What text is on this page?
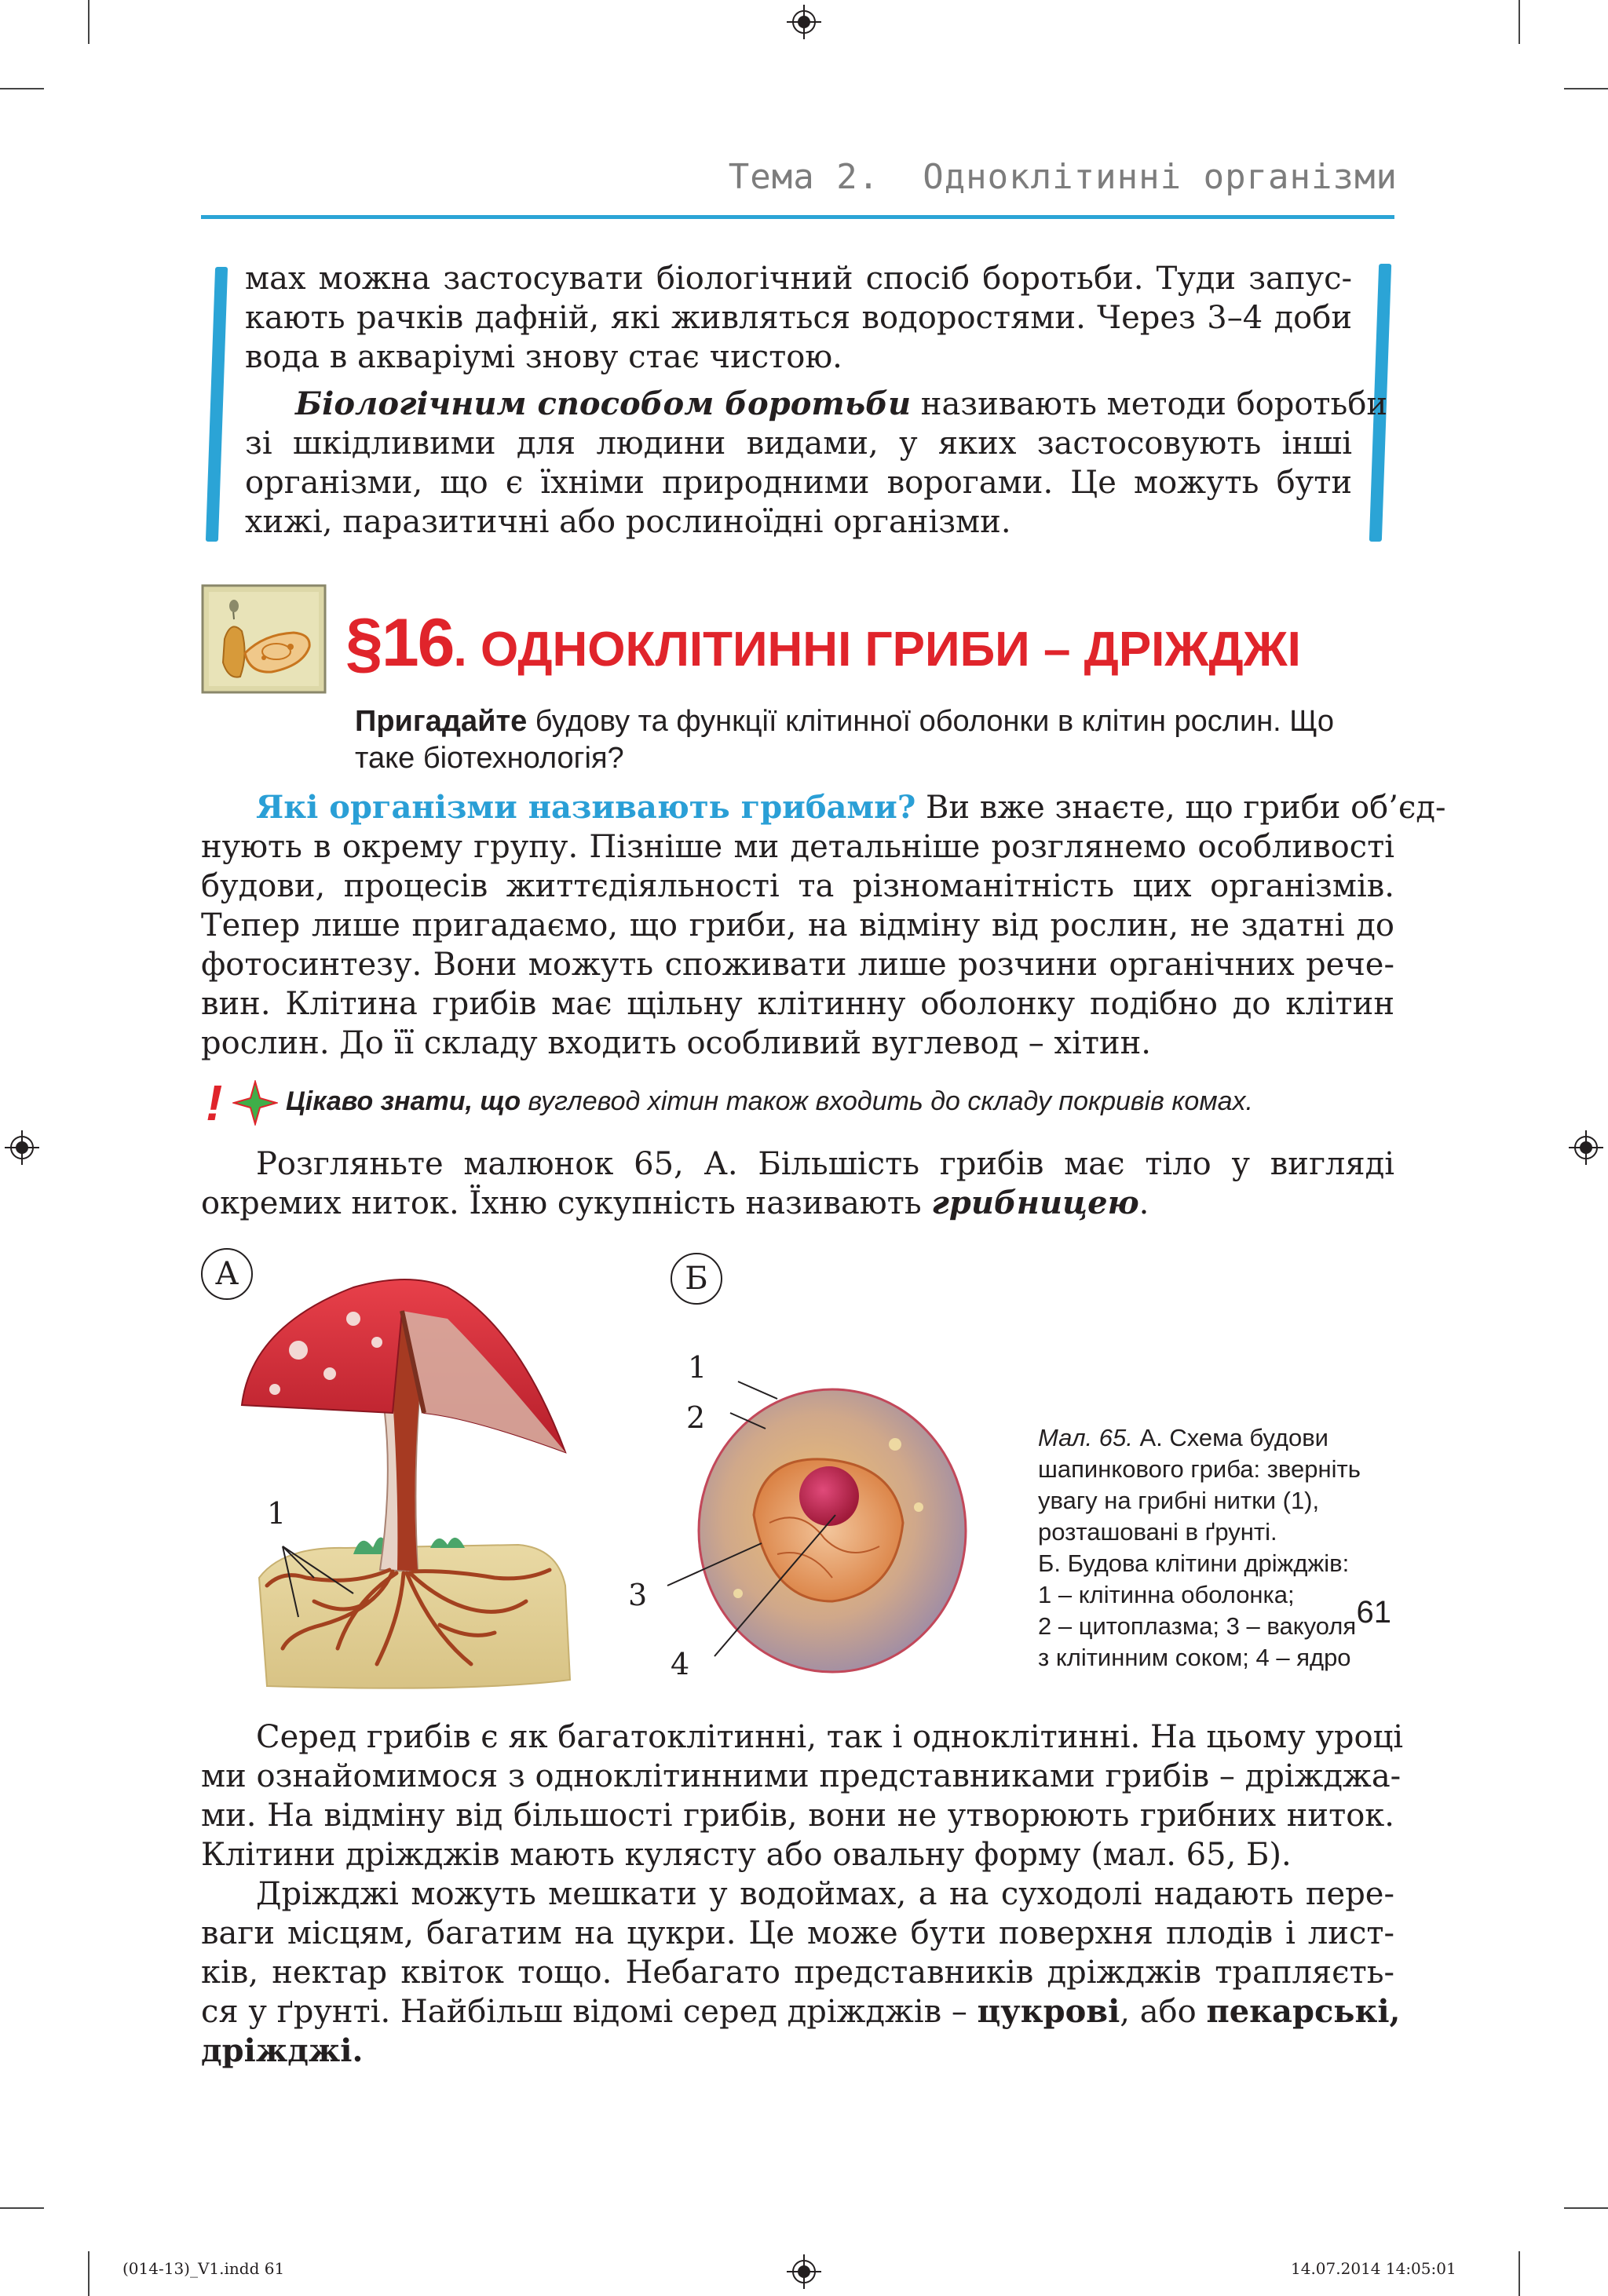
Тема 2. Одноклітинні організми
мах можна застосувати біологічний спосіб боротьби. Туди запус-
кають рачків дафній, які живляться водоростями. Через 3–4 доби
вода в акваріумі знову стає чистою.
Біологічним способом боротьби називають методи боротьби
зі шкідливими для людини видами, у яких застосовують інші
організми, що є їхніми природними ворогами. Це можуть бути
хижі, паразитичні або рослиноїдні організми.
§16. ОДНОКЛІТИННІ ГРИБИ – ДРІЖДЖІ
Пригадайте будову та функції клітинної оболонки в клітин рослин. Що
таке біотехнологія?
Які організми називають грибами? Ви вже знаєте, що гриби об’єд-
нують в окрему групу. Пізніше ми детальніше розглянемо особливості
будови, процесів життєдіяльності та різноманітність цих організмів.
Тепер лише пригадаємо, що гриби, на відміну від рослин, не здатні до
фотосинтезу. Вони можуть споживати лише розчини органічних рече-
вин. Клітина грибів має щільну клітинну оболонку подібно до клітин
рослин. До її складу входить особливий вуглевод – хітин.
! Цікаво знати, що вуглевод хітин також входить до складу покривів комах.
Розгляньте малюнок 65, А. Більшість грибів має тіло у вигляді
окремих ниток. Їхню сукупність називають грибницею.
А	Б
1
1
2
3
4
Мал. 65. А. Схема будови
шапинкового гриба: зверніть
увагу на грибні нитки (1),
розташовані в ґрунті.
Б. Будова клітини дріжджів:
1 – клітинна оболонка;
2 – цитоплазма; 3 – вакуоля
з клітинним соком; 4 – ядро
Серед грибів є як багатоклітинні, так і одноклітинні. На цьому уроці
ми ознайомимося з одноклітинними представниками грибів – дріжджа-
ми. На відміну від більшості грибів, вони не утворюють грибних ниток.
Клітини дріжджів мають кулясту або овальну форму (мал. 65, Б).
Дріжджі можуть мешкати у водоймах, а на суходолі надають пере-
ваги місцям, багатим на цукри. Це може бути поверхня плодів і лист-
ків, нектар квіток тощо. Небагато представників дріжджів трапляєть-
ся у ґрунті. Найбільш відомі серед дріжджів – цукрові, або пекарські,
дріжджі.
61
(014-13)_V1.indd 61	14.07.2014 14:05:01
